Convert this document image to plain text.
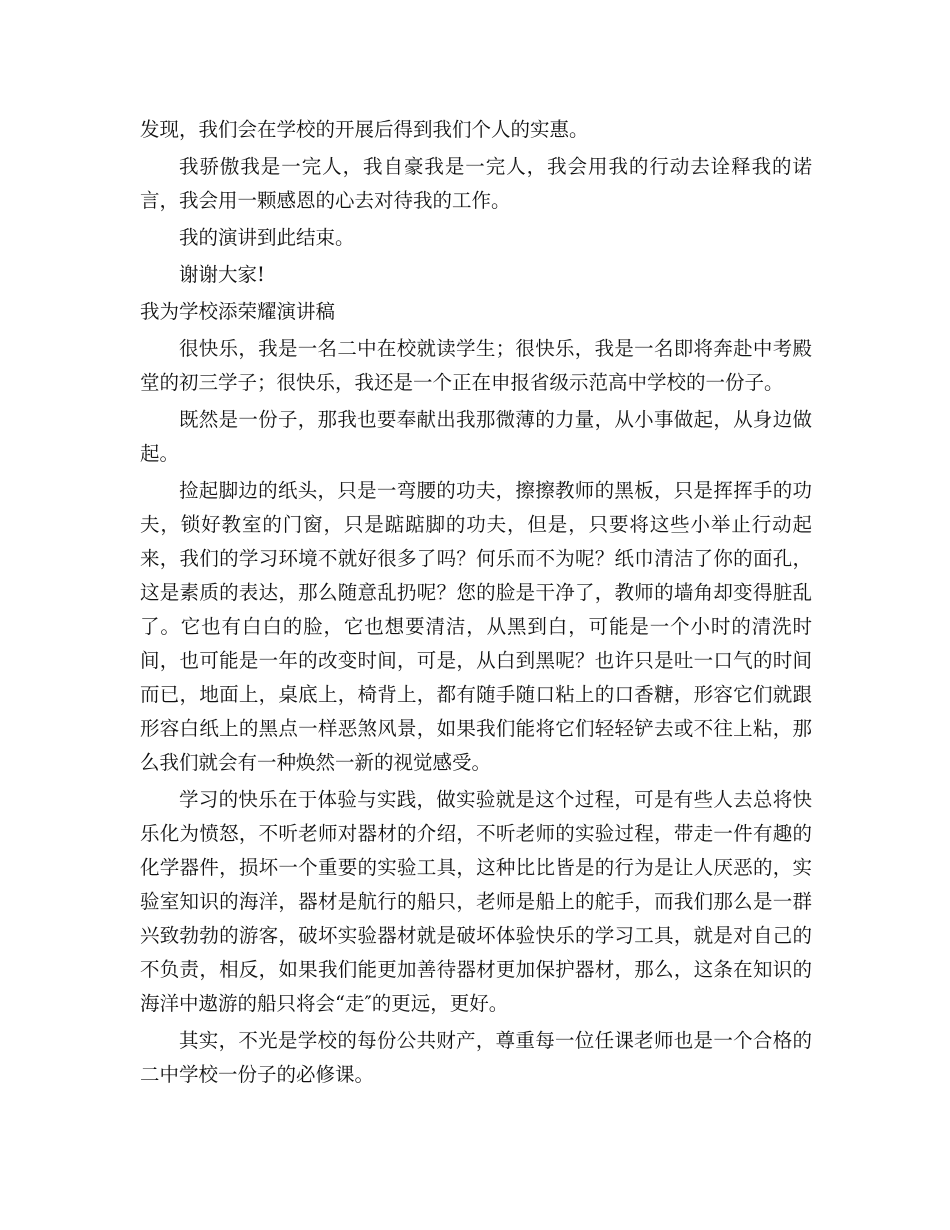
发现，我们会在学校的开展后得到我们个人的实惠。

我骄傲我是一完人，我自豪我是一完人，我会用我的行动去诠释我的诺言，我会用一颗感恩的心去对待我的工作。

我的演讲到此结束。

谢谢大家!

我为学校添荣耀演讲稿

很快乐，我是一名二中在校就读学生；很快乐，我是一名即将奔赴中考殿堂的初三学子；很快乐，我还是一个正在申报省级示范高中学校的一份子。

既然是一份子，那我也要奉献出我那微薄的力量，从小事做起，从身边做起。

捡起脚边的纸头，只是一弯腰的功夫，擦擦教师的黑板，只是挥挥手的功夫，锁好教室的门窗，只是踮踮脚的功夫，但是，只要将这些小举止行动起来，我们的学习环境不就好很多了吗？何乐而不为呢？纸巾清洁了你的面孔，这是素质的表达，那么随意乱扔呢？您的脸是干净了，教师的墙角却变得脏乱了。它也有白白的脸，它也想要清洁，从黑到白，可能是一个小时的清洗时间，也可能是一年的改变时间，可是，从白到黑呢？也许只是吐一口气的时间而已，地面上，桌底上，椅背上，都有随手随口粘上的口香糖，形容它们就跟形容白纸上的黑点一样恶煞风景，如果我们能将它们轻轻铲去或不往上粘，那么我们就会有一种焕然一新的视觉感受。

学习的快乐在于体验与实践，做实验就是这个过程，可是有些人去总将快乐化为愤怒，不听老师对器材的介绍，不听老师的实验过程，带走一件有趣的化学器件，损坏一个重要的实验工具，这种比比皆是的行为是让人厌恶的，实验室知识的海洋，器材是航行的船只，老师是船上的舵手，而我们那么是一群兴致勃勃的游客，破坏实验器材就是破坏体验快乐的学习工具，就是对自己的不负责，相反，如果我们能更加善待器材更加保护器材，那么，这条在知识的海洋中遨游的船只将会“走″的更远，更好。

其实，不光是学校的每份公共财产，尊重每一位任课老师也是一个合格的二中学校一份子的必修课。
